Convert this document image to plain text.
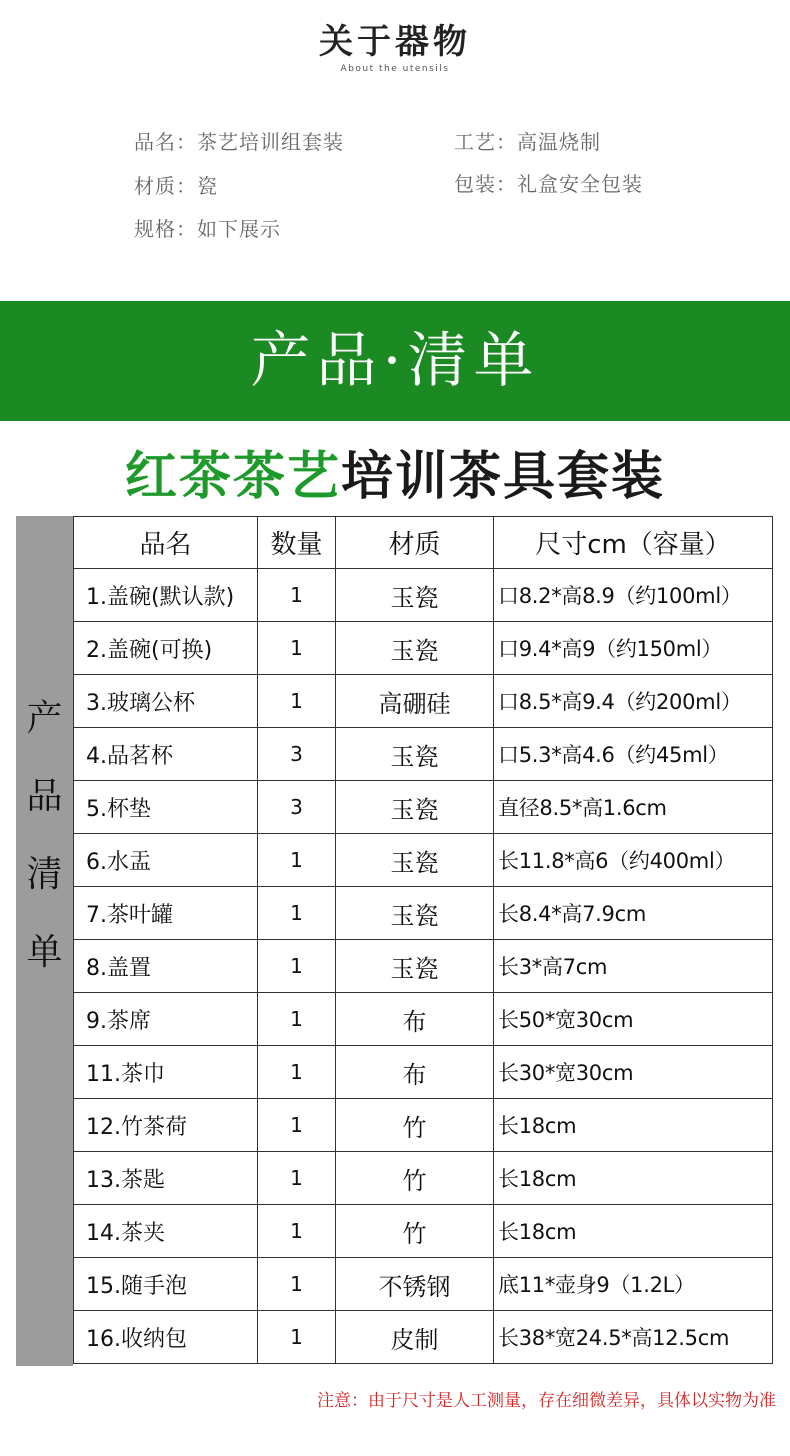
关于器物
About the utensils
品名：茶艺培训组套装	工艺：高温烧制
材质：瓷	包装：礼盒安全包装
规格：如下展示
产品·清单
红茶茶艺培训茶具套装
产
品
清
单
品名	数量	材质	尺寸cm（容量）
1.盖碗(默认款)	1	玉瓷	口8.2*高8.9（约100ml）
2.盖碗(可换)	1	玉瓷	口9.4*高9（约150ml）
3.玻璃公杯	1	高硼硅	口8.5*高9.4（约200ml）
4.品茗杯	3	玉瓷	口5.3*高4.6（约45ml）
5.杯垫	3	玉瓷	直径8.5*高1.6cm
6.水盂	1	玉瓷	长11.8*高6（约400ml）
7.茶叶罐	1	玉瓷	长8.4*高7.9cm
8.盖置	1	玉瓷	长3*高7cm
9.茶席	1	布	长50*宽30cm
11.茶巾	1	布	长30*宽30cm
12.竹茶荷	1	竹	长18cm
13.茶匙	1	竹	长18cm
14.茶夹	1	竹	长18cm
15.随手泡	1	不锈钢	底11*壶身9（1.2L）
16.收纳包	1	皮制	长38*宽24.5*高12.5cm
注意：由于尺寸是人工测量，存在细微差异，具体以实物为准
